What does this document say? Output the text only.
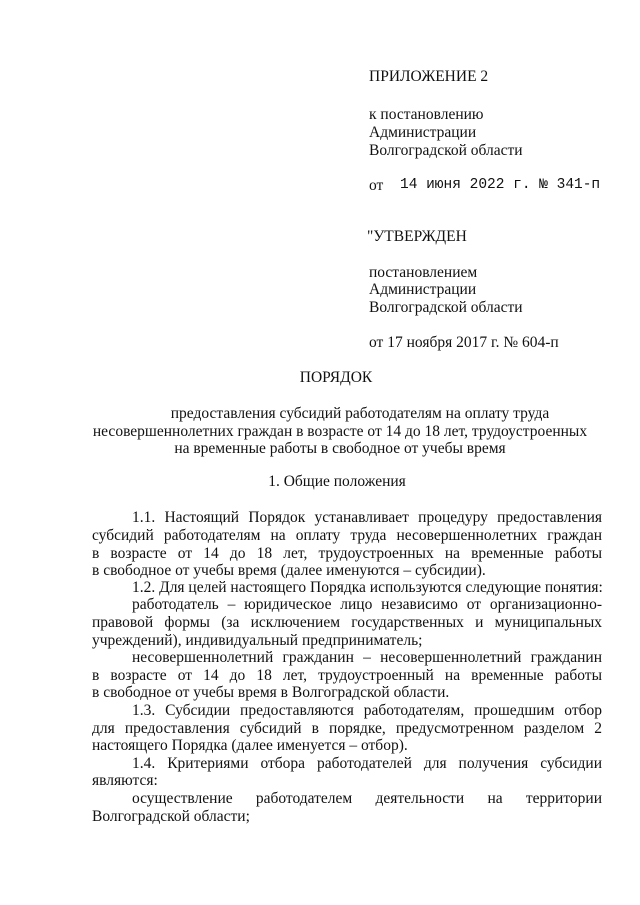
ПРИЛОЖЕНИЕ 2
к постановлению
Администрации
Волгоградской области
от 14 июня 2022 г. № 341-п
"УТВЕРЖДЕН
постановлением
Администрации
Волгоградской области
от 17 ноября 2017 г. № 604-п
ПОРЯДОК
предоставления субсидий работодателям на оплату труда
несовершеннолетних граждан в возрасте от 14 до 18 лет, трудоустроенных
на временные работы в свободное от учебы время
1. Общие положения
1.1. Настоящий Порядок устанавливает процедуру предоставления
субсидий работодателям на оплату труда несовершеннолетних граждан
в возрасте от 14 до 18 лет, трудоустроенных на временные работы
в свободное от учебы время (далее именуются – субсидии).
1.2. Для целей настоящего Порядка используются следующие понятия:
работодатель – юридическое лицо независимо от организационно-
правовой формы (за исключением государственных и муниципальных
учреждений), индивидуальный предприниматель;
несовершеннолетний гражданин – несовершеннолетний гражданин
в возрасте от 14 до 18 лет, трудоустроенный на временные работы
в свободное от учебы время в Волгоградской области.
1.3. Субсидии предоставляются работодателям, прошедшим отбор
для предоставления субсидий в порядке, предусмотренном разделом 2
настоящего Порядка (далее именуется – отбор).
1.4. Критериями отбора работодателей для получения субсидии
являются:
осуществление работодателем деятельности на территории
Волгоградской области;
